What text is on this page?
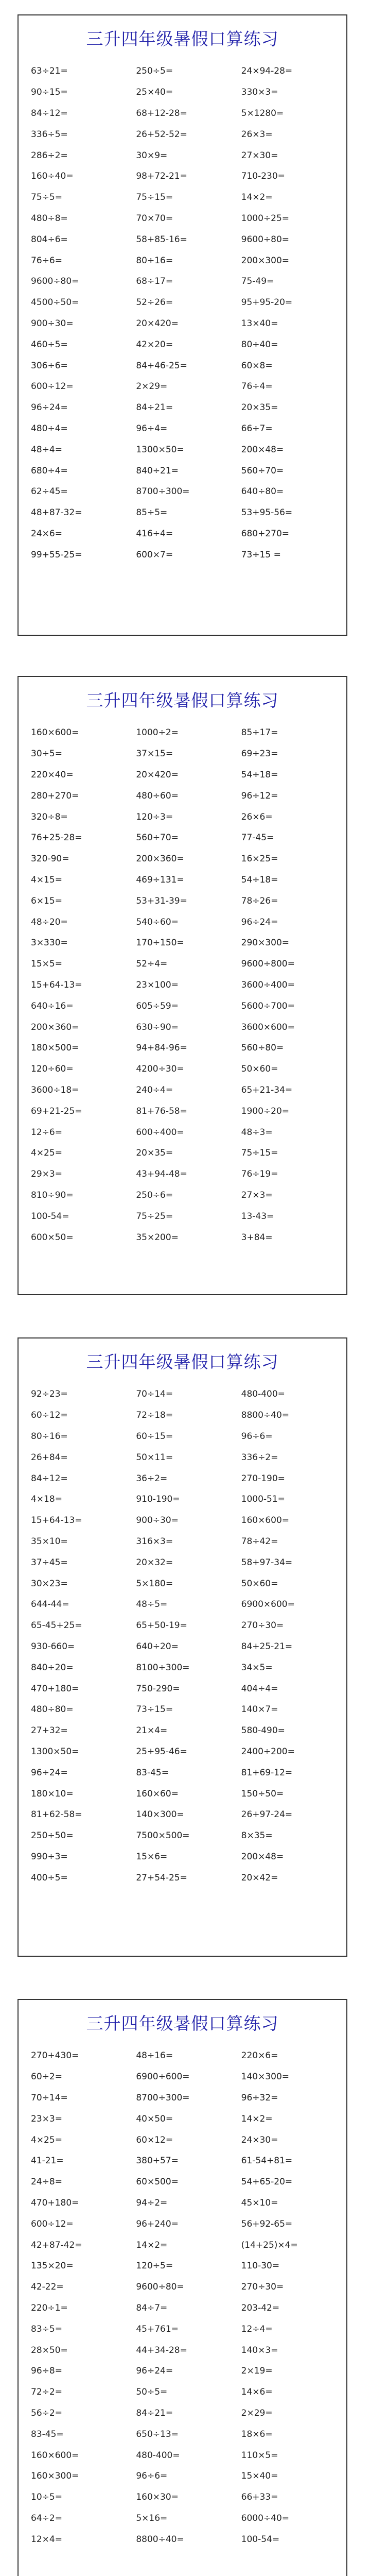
三升四年级暑假口算练习
63÷21=	250÷5=	24×94-28=
90÷15=	25×40=	330×3=
84÷12=	68+12-28=	5×1280=
336÷5=	26+52-52=	26×3=
286÷2=	30×9=	27×30=
160÷40=	98+72-21=	710-230=
75÷5=	75÷15=	14×2=
480÷8=	70×70=	1000÷25=
804÷6=	58+85-16=	9600÷80=
76÷6=	80÷16=	200×300=
9600÷80=	68÷17=	75-49=
4500÷50=	52÷26=	95+95-20=
900÷30=	20×420=	13×40=
460÷5=	42×20=	80÷40=
306÷6=	84+46-25=	60×8=
600÷12=	2×29=	76÷4=
96÷24=	84÷21=	20×35=
480÷4=	96÷4=	66÷7=
48÷4=	1300×50=	200×48=
680÷4=	840÷21=	560÷70=
62÷45=	8700÷300=	640÷80=
48+87-32=	85÷5=	53+95-56=
24×6=	416÷4=	680+270=
99+55-25=	600×7=	73÷15 =
三升四年级暑假口算练习
160×600=	1000÷2=	85÷17=
30÷5=	37×15=	69÷23=
220×40=	20×420=	54÷18=
280+270=	480÷60=	96÷12=
320÷8=	120÷3=	26×6=
76+25-28=	560÷70=	77-45=
320-90=	200×360=	16×25=
4×15=	469÷131=	54÷18=
6×15=	53+31-39=	78÷26=
48÷20=	540÷60=	96÷24=
3×330=	170÷150=	290×300=
15×5=	52÷4=	9600÷800=
15+64-13=	23×100=	3600÷400=
640÷16=	605÷59=	5600÷700=
200×360=	630÷90=	3600×600=
180×500=	94+84-96=	560÷80=
120÷60=	4200÷30=	50×60=
3600÷18=	240÷4=	65+21-34=
69+21-25=	81+76-58=	1900÷20=
12÷6=	600÷400=	48÷3=
4×25=	20×35=	75÷15=
29×3=	43+94-48=	76÷19=
810÷90=	250÷6=	27×3=
100-54=	75÷25=	13-43=
600×50=	35×200=	3+84=
三升四年级暑假口算练习
92÷23=	70÷14=	480-400=
60÷12=	72÷18=	8800÷40=
80÷16=	60÷15=	96÷6=
26+84=	50×11=	336÷2=
84÷12=	36÷2=	270-190=
4×18=	910-190=	1000-51=
15+64-13=	900÷30=	160×600=
35×10=	316×3=	78÷42=
37÷45=	20×32=	58+97-34=
30×23=	5×180=	50×60=
644-44=	48÷5=	6900×600=
65-45+25=	65+50-19=	270÷30=
930-660=	640÷20=	84+25-21=
840÷20=	8100÷300=	34×5=
470+180=	750-290=	404÷4=
480÷80=	73÷15=	140×7=
27+32=	21×4=	580-490=
1300×50=	25+95-46=	2400÷200=
96÷24=	83-45=	81+69-12=
180×10=	160×60=	150÷50=
81+62-58=	140×300=	26+97-24=
250÷50=	7500×500=	8×35=
990÷3=	15×6=	200×48=
400÷5=	27+54-25=	20×42=
三升四年级暑假口算练习
270+430=	48÷16=	220×6=
60÷2=	6900÷600=	140×300=
70÷14=	8700÷300=	96÷32=
23×3=	40×50=	14×2=
4×25=	60×12=	24×30=
41-21=	380+57=	61-54+81=
24÷8=	60×500=	54+65-20=
470+180=	94÷2=	45×10=
600÷12=	96+240=	56+92-65=
42+87-42=	14×2=	(14+25)×4=
135×20=	120÷5=	110-30=
42-22=	9600÷80=	270÷30=
220÷1=	84÷7=	203-42=
83÷5=	45+761=	12÷4=
28×50=	44+34-28=	140×3=
96÷8=	96÷24=	2×19=
72÷2=	50÷5=	14×6=
56÷2=	84÷21=	2×29=
83-45=	650÷13=	18×6=
160×600=	480-400=	110×5=
160×300=	96÷6=	15×40=
10÷5=	160×30=	66+33=
64÷2=	5×16=	6000÷40=
12×4=	8800÷40=	100-54=
